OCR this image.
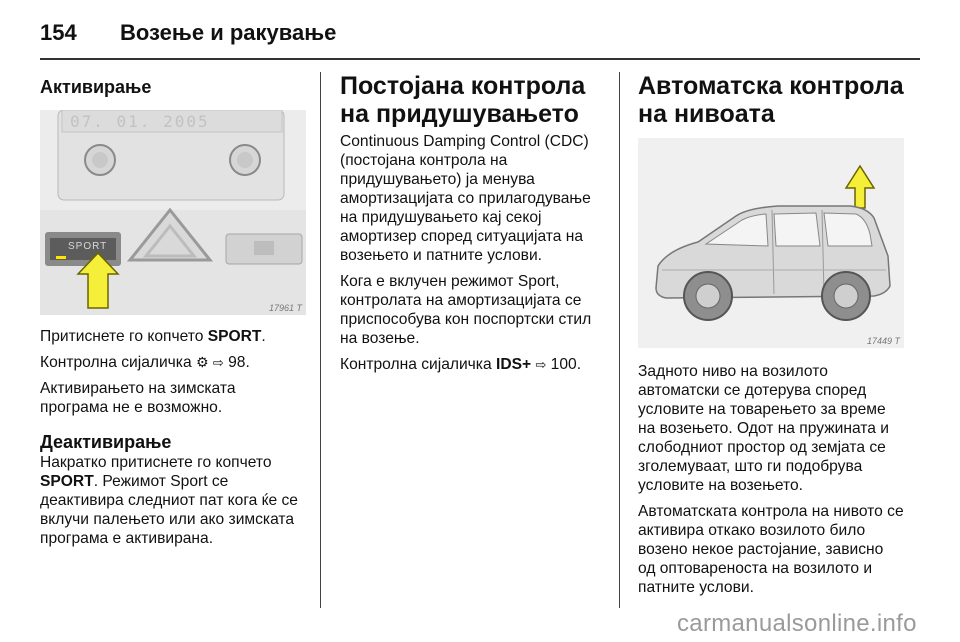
154 Возење и ракување
Активирање
07. 01. 2005
SPORT
17961 T

Притиснете го копчето SPORT.

Контролна сијаличка ⚙ ⇨ 98.

Активирањето на зимската програма не е возможно.

Деактивирање

Накратко притиснете го копчето SPORT. Режимот Sport се деактивира следниот пат кога ќе се вклучи палењето или ако зимската програма е активирана.

Постојана контрола на придушувањето

Continuous Damping Control (CDC) (постојана контрола на придушувањето) ја менува амортизацијата со прилагодување на придушувањето кај секој амортизер според ситуацијата на возењето и патните услови.

Кога е вклучен режимот Sport, контролата на амортизацијата се приспособува кон поспортски стил на возење.

Контролна сијаличка IDS+ ⇨ 100.

Автоматска контрола на нивоата
17449 T

Задното ниво на возилото автоматски се дотерува според условите на товарењето за време на возењето. Одот на пружината и слободниот простор од земјата се зголемуваат, што ги подобрува условите на возењето.

Автоматската контрола на нивото се активира откако возилото било возено некое растојание, зависно од оптовареноста на возилото и патните услови.

carmanualsonline.info
